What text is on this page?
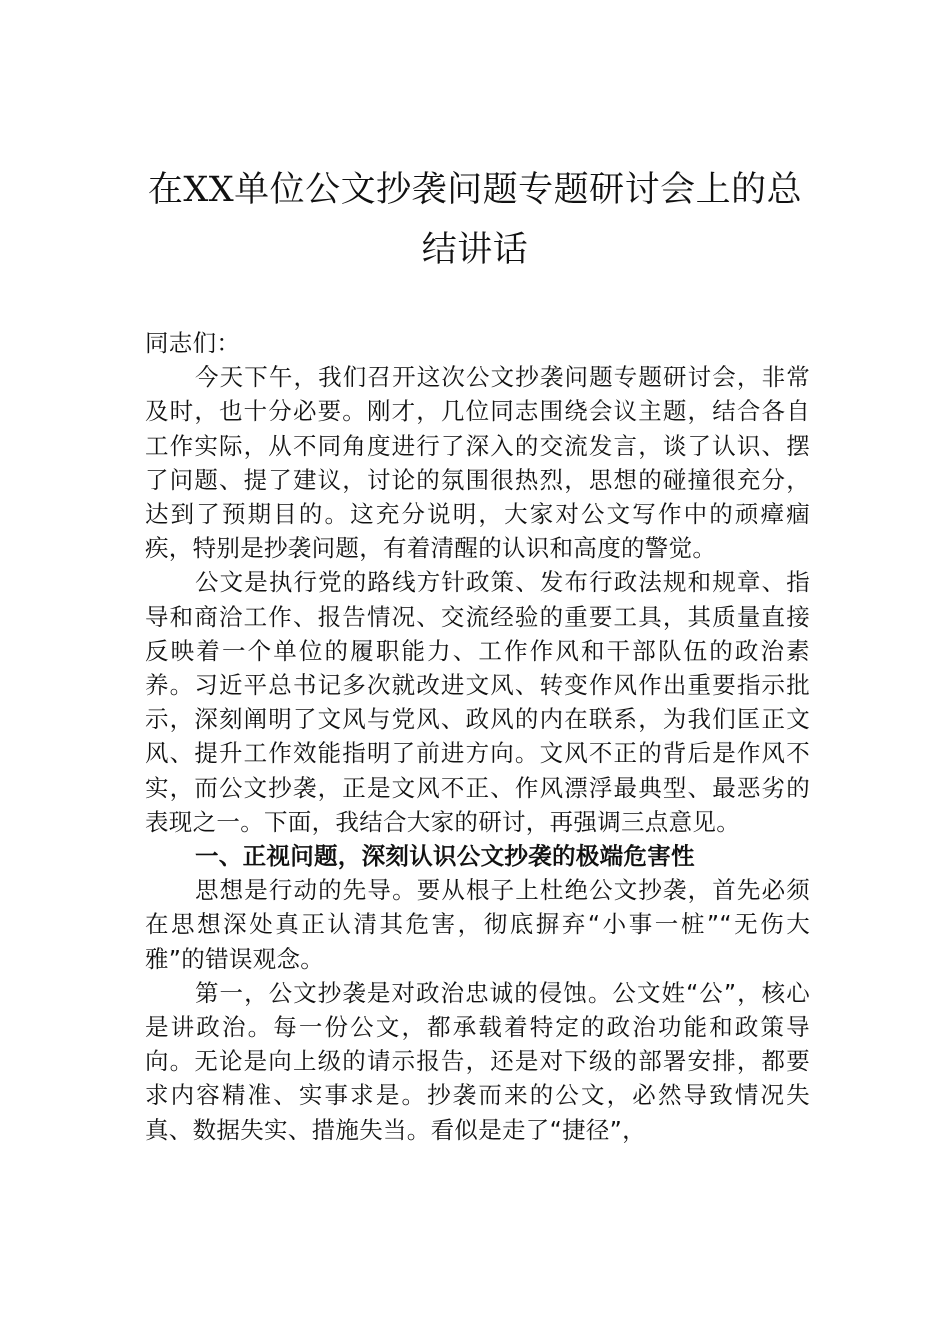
在XX单位公文抄袭问题专题研讨会上的总
结讲话

同志们：

今天下午，我们召开这次公文抄袭问题专题研讨会，非常及时，也十分必要。刚才，几位同志围绕会议主题，结合各自工作实际，从不同角度进行了深入的交流发言，谈了认识、摆了问题、提了建议，讨论的氛围很热烈，思想的碰撞很充分，达到了预期目的。这充分说明，大家对公文写作中的顽瘴痼疾，特别是抄袭问题，有着清醒的认识和高度的警觉。

公文是执行党的路线方针政策、发布行政法规和规章、指导和商洽工作、报告情况、交流经验的重要工具，其质量直接反映着一个单位的履职能力、工作作风和干部队伍的政治素养。习近平总书记多次就改进文风、转变作风作出重要指示批示，深刻阐明了文风与党风、政风的内在联系，为我们匡正文风、提升工作效能指明了前进方向。文风不正的背后是作风不实，而公文抄袭，正是文风不正、作风漂浮最典型、最恶劣的表现之一。下面，我结合大家的研讨，再强调三点意见。

一、正视问题，深刻认识公文抄袭的极端危害性

思想是行动的先导。要从根子上杜绝公文抄袭，首先必须在思想深处真正认清其危害，彻底摒弃“小事一桩”“无伤大雅”的错误观念。

第一，公文抄袭是对政治忠诚的侵蚀。公文姓“公”，核心是讲政治。每一份公文，都承载着特定的政治功能和政策导向。无论是向上级的请示报告，还是对下级的部署安排，都要求内容精准、实事求是。抄袭而来的公文，必然导致情况失真、数据失实、措施失当。看似是走了“捷径”，
